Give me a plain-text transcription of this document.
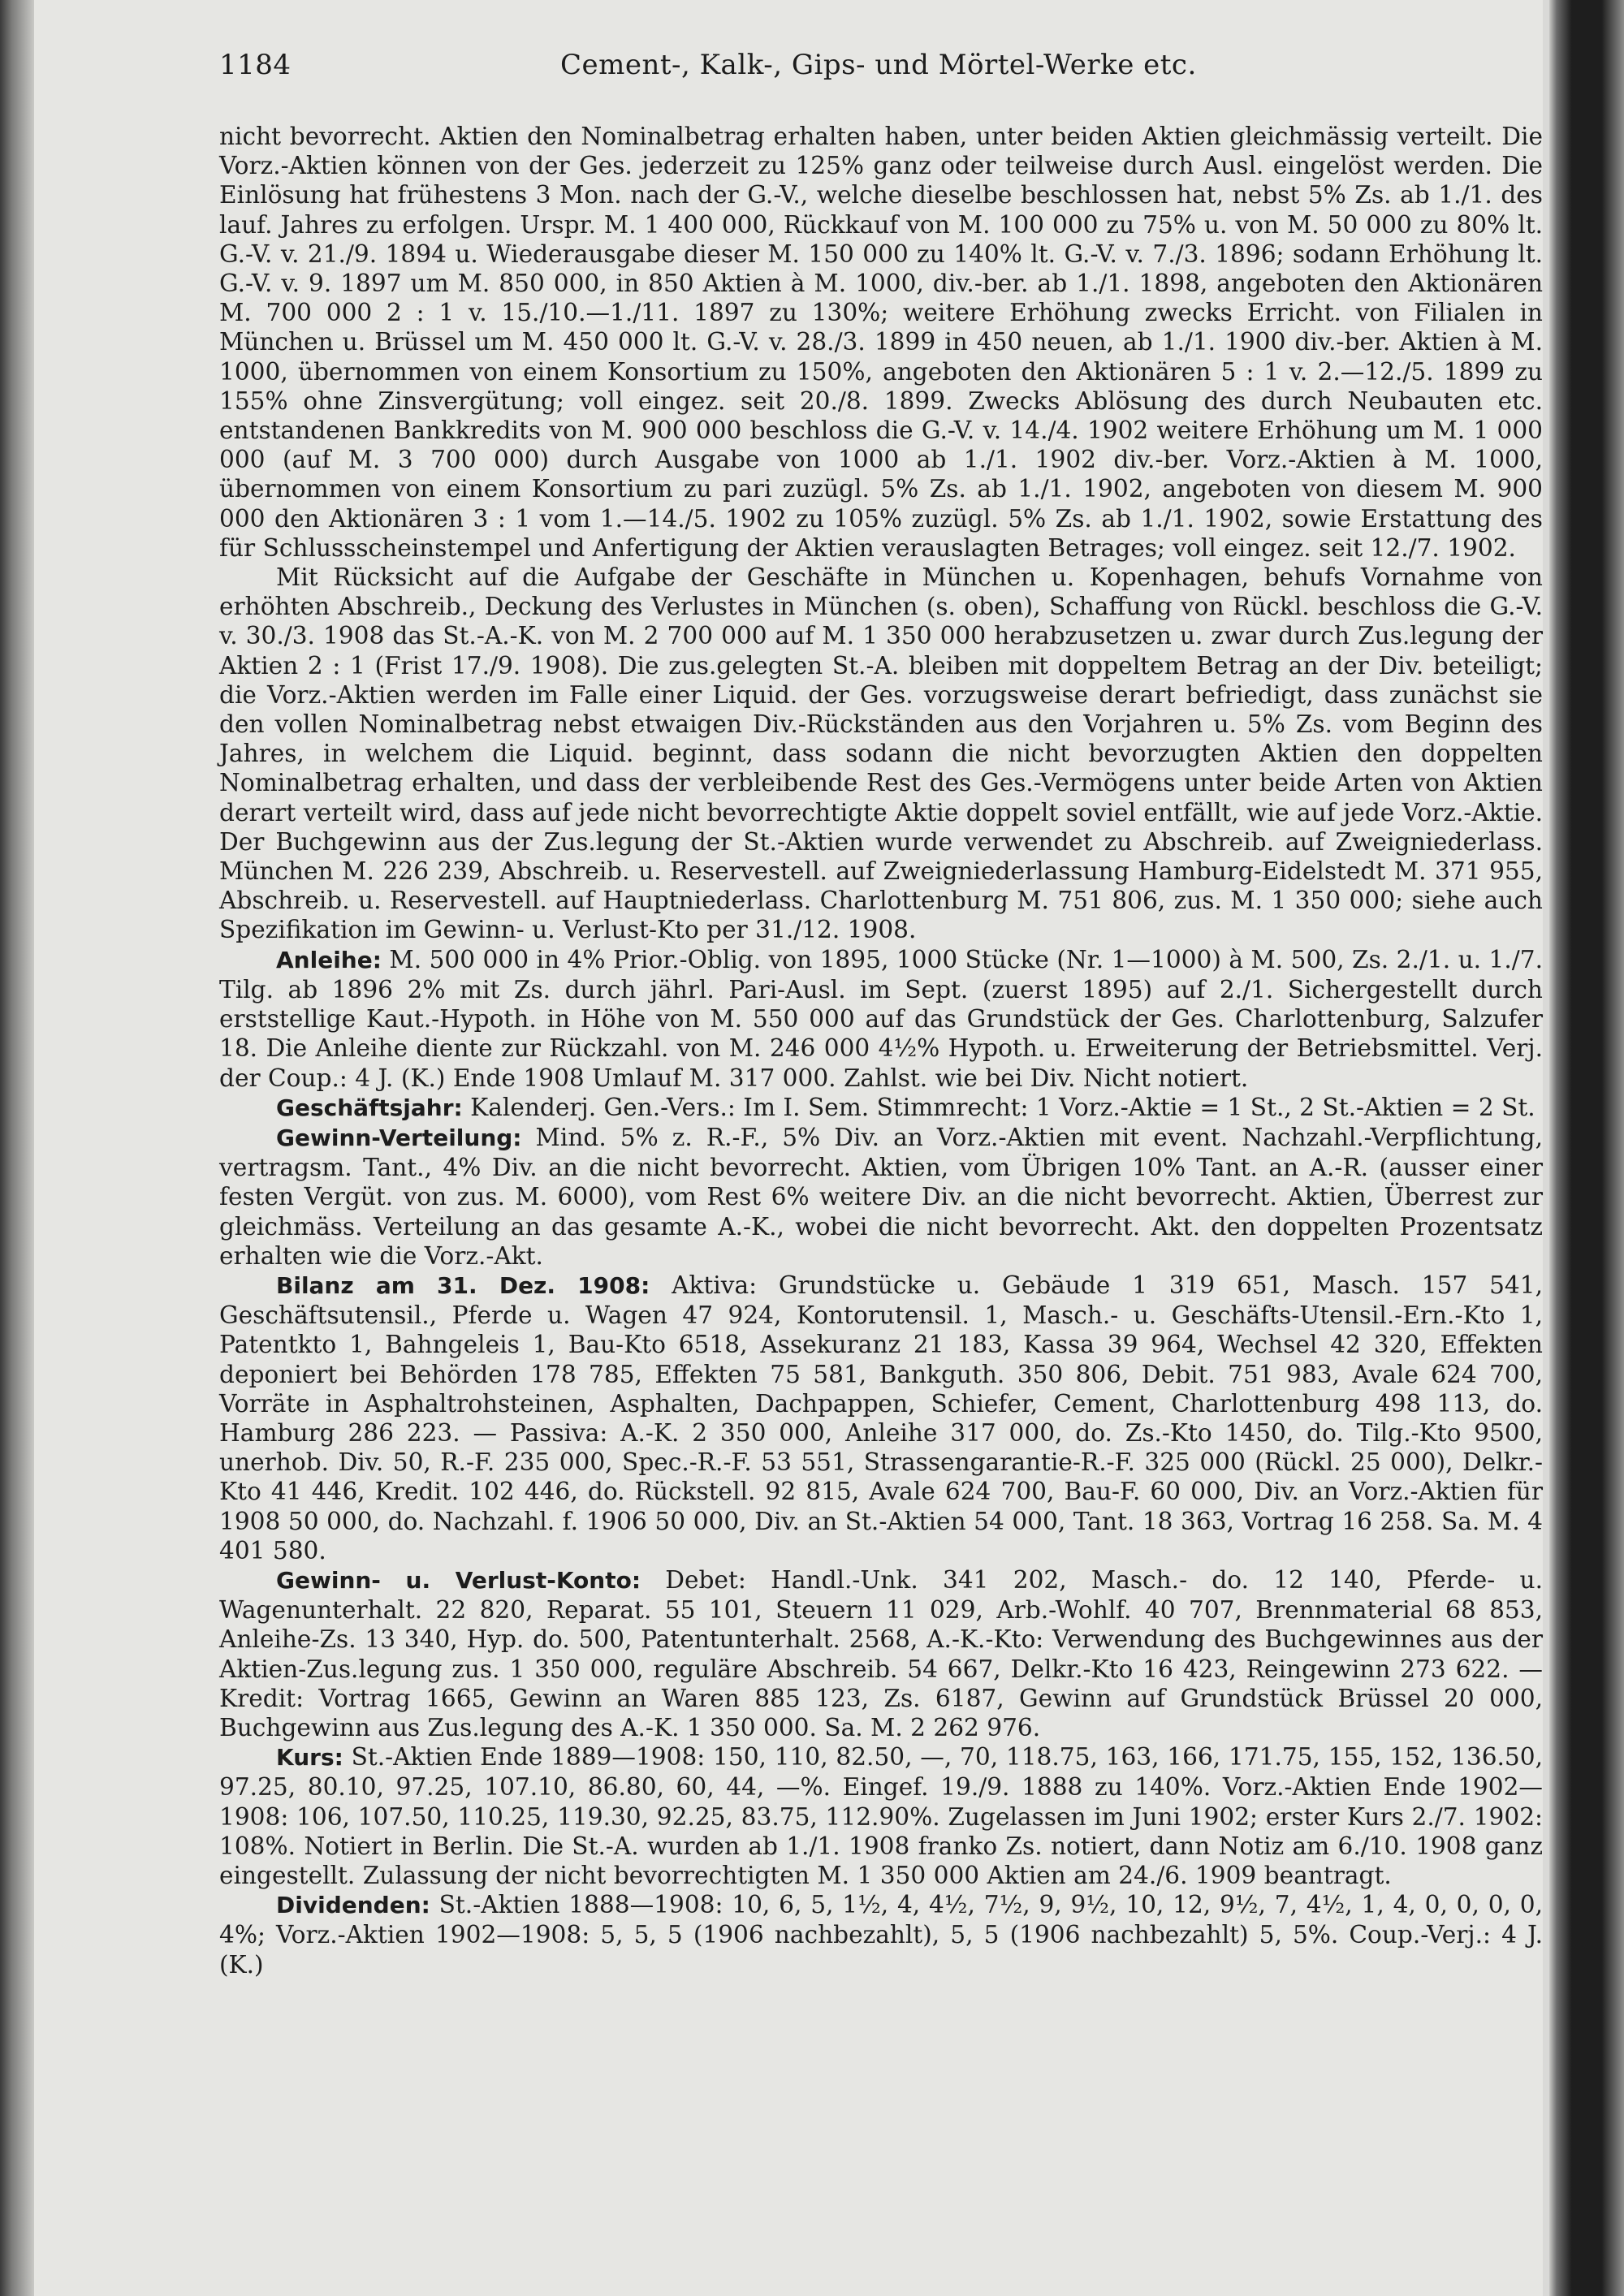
1184	Cement-, Kalk-, Gips- und Mörtel-Werke etc.

nicht bevorrecht. Aktien den Nominalbetrag erhalten haben, unter beiden Aktien gleichmässig verteilt. Die Vorz.-Aktien können von der Ges. jederzeit zu 125% ganz oder teilweise durch Ausl. eingelöst werden. Die Einlösung hat frühestens 3 Mon. nach der G.-V., welche dieselbe beschlossen hat, nebst 5% Zs. ab 1./1. des lauf. Jahres zu erfolgen. Urspr. M. 1 400 000, Rückkauf von M. 100 000 zu 75% u. von M. 50 000 zu 80% lt. G.-V. v. 21./9. 1894 u. Wiederausgabe dieser M. 150 000 zu 140% lt. G.-V. v. 7./3. 1896; sodann Erhöhung lt. G.-V. v. 9. 1897 um M. 850 000, in 850 Aktien à M. 1000, div.-ber. ab 1./1. 1898, angeboten den Aktionären M. 700 000 2 : 1 v. 15./10.—1./11. 1897 zu 130%; weitere Erhöhung zwecks Erricht. von Filialen in München u. Brüssel um M. 450 000 lt. G.-V. v. 28./3. 1899 in 450 neuen, ab 1./1. 1900 div.-ber. Aktien à M. 1000, übernommen von einem Konsortium zu 150%, angeboten den Aktionären 5 : 1 v. 2.—12./5. 1899 zu 155% ohne Zinsvergütung; voll eingez. seit 20./8. 1899. Zwecks Ablösung des durch Neubauten etc. entstandenen Bankkredits von M. 900 000 beschloss die G.-V. v. 14./4. 1902 weitere Erhöhung um M. 1 000 000 (auf M. 3 700 000) durch Ausgabe von 1000 ab 1./1. 1902 div.-ber. Vorz.-Aktien à M. 1000, übernommen von einem Konsortium zu pari zuzügl. 5% Zs. ab 1./1. 1902, angeboten von diesem M. 900 000 den Aktionären 3 : 1 vom 1.—14./5. 1902 zu 105% zuzügl. 5% Zs. ab 1./1. 1902, sowie Erstattung des für Schlussscheinstempel und Anfertigung der Aktien verauslagten Betrages; voll eingez. seit 12./7. 1902.

Mit Rücksicht auf die Aufgabe der Geschäfte in München u. Kopenhagen, behufs Vornahme von erhöhten Abschreib., Deckung des Verlustes in München (s. oben), Schaffung von Rückl. beschloss die G.-V. v. 30./3. 1908 das St.-A.-K. von M. 2 700 000 auf M. 1 350 000 herabzusetzen u. zwar durch Zus.legung der Aktien 2 : 1 (Frist 17./9. 1908). Die zus.gelegten St.-A. bleiben mit doppeltem Betrag an der Div. beteiligt; die Vorz.-Aktien werden im Falle einer Liquid. der Ges. vorzugsweise derart befriedigt, dass zunächst sie den vollen Nominalbetrag nebst etwaigen Div.-Rückständen aus den Vorjahren u. 5% Zs. vom Beginn des Jahres, in welchem die Liquid. beginnt, dass sodann die nicht bevorzugten Aktien den doppelten Nominalbetrag erhalten, und dass der verbleibende Rest des Ges.-Vermögens unter beide Arten von Aktien derart verteilt wird, dass auf jede nicht bevorrechtigte Aktie doppelt soviel entfällt, wie auf jede Vorz.-Aktie. Der Buchgewinn aus der Zus.legung der St.-Aktien wurde verwendet zu Abschreib. auf Zweigniederlass. München M. 226 239, Abschreib. u. Reservestell. auf Zweigniederlassung Hamburg-Eidelstedt M. 371 955, Abschreib. u. Reservestell. auf Hauptniederlass. Charlottenburg M. 751 806, zus. M. 1 350 000; siehe auch Spezifikation im Gewinn- u. Verlust-Kto per 31./12. 1908.

Anleihe: M. 500 000 in 4% Prior.-Oblig. von 1895, 1000 Stücke (Nr. 1—1000) à M. 500, Zs. 2./1. u. 1./7. Tilg. ab 1896 2% mit Zs. durch jährl. Pari-Ausl. im Sept. (zuerst 1895) auf 2./1. Sichergestellt durch erststellige Kaut.-Hypoth. in Höhe von M. 550 000 auf das Grundstück der Ges. Charlottenburg, Salzufer 18. Die Anleihe diente zur Rückzahl. von M. 246 000 4½% Hypoth. u. Erweiterung der Betriebsmittel. Verj. der Coup.: 4 J. (K.) Ende 1908 Umlauf M. 317 000. Zahlst. wie bei Div. Nicht notiert.

Geschäftsjahr: Kalenderj. Gen.-Vers.: Im I. Sem. Stimmrecht: 1 Vorz.-Aktie = 1 St., 2 St.-Aktien = 2 St.

Gewinn-Verteilung: Mind. 5% z. R.-F., 5% Div. an Vorz.-Aktien mit event. Nachzahl.-Verpflichtung, vertragsm. Tant., 4% Div. an die nicht bevorrecht. Aktien, vom Übrigen 10% Tant. an A.-R. (ausser einer festen Vergüt. von zus. M. 6000), vom Rest 6% weitere Div. an die nicht bevorrecht. Aktien, Überrest zur gleichmäss. Verteilung an das gesamte A.-K., wobei die nicht bevorrecht. Akt. den doppelten Prozentsatz erhalten wie die Vorz.-Akt.

Bilanz am 31. Dez. 1908: Aktiva: Grundstücke u. Gebäude 1 319 651, Masch. 157 541, Geschäftsutensil., Pferde u. Wagen 47 924, Kontorutensil. 1, Masch.- u. Geschäfts-Utensil.-Ern.-Kto 1, Patentkto 1, Bahngeleis 1, Bau-Kto 6518, Assekuranz 21 183, Kassa 39 964, Wechsel 42 320, Effekten deponiert bei Behörden 178 785, Effekten 75 581, Bankguth. 350 806, Debit. 751 983, Avale 624 700, Vorräte in Asphaltrohsteinen, Asphalten, Dachpappen, Schiefer, Cement, Charlottenburg 498 113, do. Hamburg 286 223. — Passiva: A.-K. 2 350 000, Anleihe 317 000, do. Zs.-Kto 1450, do. Tilg.-Kto 9500, unerhob. Div. 50, R.-F. 235 000, Spec.-R.-F. 53 551, Strassengarantie-R.-F. 325 000 (Rückl. 25 000), Delkr.-Kto 41 446, Kredit. 102 446, do. Rückstell. 92 815, Avale 624 700, Bau-F. 60 000, Div. an Vorz.-Aktien für 1908 50 000, do. Nachzahl. f. 1906 50 000, Div. an St.-Aktien 54 000, Tant. 18 363, Vortrag 16 258. Sa. M. 4 401 580.

Gewinn- u. Verlust-Konto: Debet: Handl.-Unk. 341 202, Masch.- do. 12 140, Pferde- u. Wagenunterhalt. 22 820, Reparat. 55 101, Steuern 11 029, Arb.-Wohlf. 40 707, Brennmaterial 68 853, Anleihe-Zs. 13 340, Hyp. do. 500, Patentunterhalt. 2568, A.-K.-Kto: Verwendung des Buchgewinnes aus der Aktien-Zus.legung zus. 1 350 000, reguläre Abschreib. 54 667, Delkr.-Kto 16 423, Reingewinn 273 622. — Kredit: Vortrag 1665, Gewinn an Waren 885 123, Zs. 6187, Gewinn auf Grundstück Brüssel 20 000, Buchgewinn aus Zus.legung des A.-K. 1 350 000. Sa. M. 2 262 976.

Kurs: St.-Aktien Ende 1889—1908: 150, 110, 82.50, —, 70, 118.75, 163, 166, 171.75, 155, 152, 136.50, 97.25, 80.10, 97.25, 107.10, 86.80, 60, 44, —%. Eingef. 19./9. 1888 zu 140%. Vorz.-Aktien Ende 1902—1908: 106, 107.50, 110.25, 119.30, 92.25, 83.75, 112.90%. Zugelassen im Juni 1902; erster Kurs 2./7. 1902: 108%. Notiert in Berlin. Die St.-A. wurden ab 1./1. 1908 franko Zs. notiert, dann Notiz am 6./10. 1908 ganz eingestellt. Zulassung der nicht bevorrechtigten M. 1 350 000 Aktien am 24./6. 1909 beantragt.

Dividenden: St.-Aktien 1888—1908: 10, 6, 5, 1½, 4, 4½, 7½, 9, 9½, 10, 12, 9½, 7, 4½, 1, 4, 0, 0, 0, 0, 4%; Vorz.-Aktien 1902—1908: 5, 5, 5 (1906 nachbezahlt), 5, 5 (1906 nachbezahlt) 5, 5%. Coup.-Verj.: 4 J. (K.)
